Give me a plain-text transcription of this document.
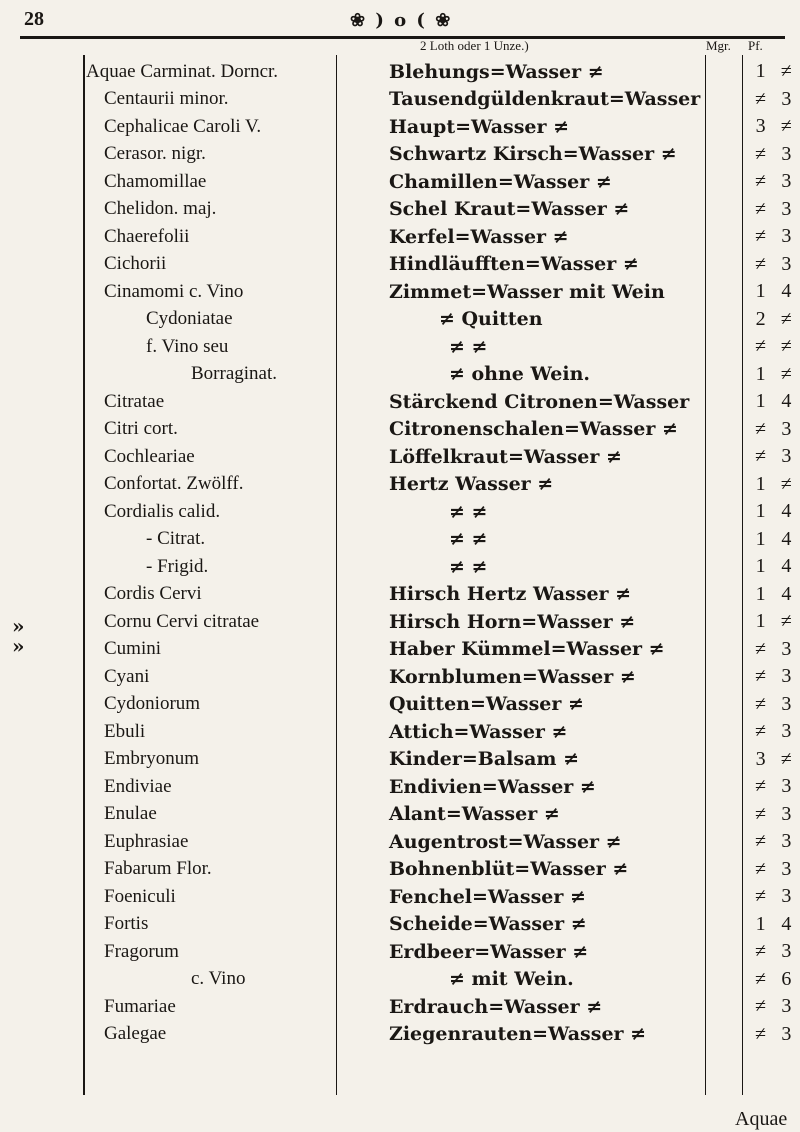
28	❀ ) o ( ❀
2 Loth oder 1 Unze.)	Mgr. Pf.
»
»
Aquae Carminat. Dorncr.	Blehungs=Wasser ≠	1	≠
Centaurii minor.	Tausendgüldenkraut=Wasser	≠	3
Cephalicae Caroli V.	Haupt=Wasser ≠	3	≠
Cerasor. nigr.	Schwartz Kirsch=Wasser ≠	≠	3
Chamomillae	Chamillen=Wasser ≠	≠	3
Chelidon. maj.	Schel Kraut=Wasser ≠	≠	3
Chaerefolii	Kerfel=Wasser ≠	≠	3
Cichorii	Hindläufften=Wasser ≠	≠	3
Cinamomi c. Vino	Zimmet=Wasser mit Wein	1	4
Cydoniatae	≠ Quitten	2	≠
f. Vino seu	≠ ≠	≠	≠
Borraginat.	≠ ohne Wein.	1	≠
Citratae	Stärckend Citronen=Wasser	1	4
Citri cort.	Citronenschalen=Wasser ≠	≠	3
Cochleariae	Löffelkraut=Wasser ≠	≠	3
Confortat. Zwölff.	Hertz Wasser ≠	1	≠
Cordialis calid.	≠ ≠	1	4
- Citrat.	≠ ≠	1	4
- Frigid.	≠ ≠	1	4
Cordis Cervi	Hirsch Hertz Wasser ≠	1	4
Cornu Cervi citratae	Hirsch Horn=Wasser ≠	1	≠
Cumini	Haber Kümmel=Wasser ≠	≠	3
Cyani	Kornblumen=Wasser ≠	≠	3
Cydoniorum	Quitten=Wasser ≠	≠	3
Ebuli	Attich=Wasser ≠	≠	3
Embryonum	Kinder=Balsam ≠	3	≠
Endiviae	Endivien=Wasser ≠	≠	3
Enulae	Alant=Wasser ≠	≠	3
Euphrasiae	Augentrost=Wasser ≠	≠	3
Fabarum Flor.	Bohnenblüt=Wasser ≠	≠	3
Foeniculi	Fenchel=Wasser ≠	≠	3
Fortis	Scheide=Wasser ≠	1	4
Fragorum	Erdbeer=Wasser ≠	≠	3
c. Vino	≠ mit Wein.	≠	6
Fumariae	Erdrauch=Wasser ≠	≠	3
Galegae	Ziegenrauten=Wasser ≠	≠	3
Aquae
